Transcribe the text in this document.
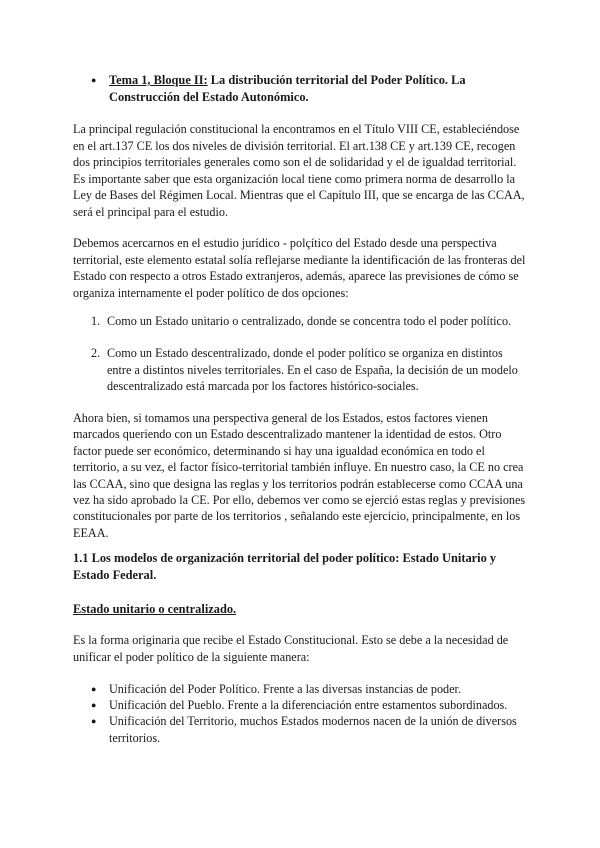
● Tema 1, Bloque II: La distribución territorial del Poder Político. La Construcción del Estado Autonómico.

La principal regulación constitucional la encontramos en el Título VIII CE, estableciéndose en el art.137 CE los dos niveles de división territorial. El art.138 CE y art.139 CE, recogen dos principios territoriales generales como son el de solidaridad y el de igualdad territorial. Es importante saber que esta organización local tiene como primera norma de desarrollo la Ley de Bases del Régimen Local. Mientras que el Capítulo III, que se encarga de las CCAA, será el principal para el estudio.

Debemos acercarnos en el estudio jurídico - polçítico del Estado desde una perspectiva territorial, este elemento estatal solía reflejarse mediante la identificación de las fronteras del Estado con respecto a otros Estado extranjeros, además, aparece las previsiones de cómo se organiza internamente el poder político de dos opciones:

1. Como un Estado unitario o centralizado, donde se concentra todo el poder político.
2. Como un Estado descentralizado, donde el poder político se organiza en distintos entre a distintos niveles territoriales. En el caso de España, la decisión de un modelo descentralizado está marcada por los factores histórico-sociales.

Ahora bien, si tomamos una perspectiva general de los Estados, estos factores vienen marcados queriendo con un Estado descentralizado mantener la identidad de estos. Otro factor puede ser económico, determinando si hay una igualdad económica en todo el territorio, a su vez, el factor físico-territorial también influye. En nuestro caso, la CE no crea las CCAA, sino que designa las reglas y los territorios podrán establecerse como CCAA una vez ha sido aprobado la CE. Por ello, debemos ver como se ejerció estas reglas y previsiones constitucionales por parte de los territorios , señalando este ejercicio, principalmente, en los EEAA.

1.1 Los modelos de organización territorial del poder político: Estado Unitario y Estado Federal.
Estado unitario o centralizado.

Es la forma originaria que recibe el Estado Constitucional. Esto se debe a la necesidad de unificar el poder político de la siguiente manera:

● Unificación del Poder Político. Frente a las diversas instancias de poder.
● Unificación del Pueblo. Frente a la diferenciación entre estamentos subordinados.
● Unificación del Territorio, muchos Estados modernos nacen de la unión de diversos territorios.
